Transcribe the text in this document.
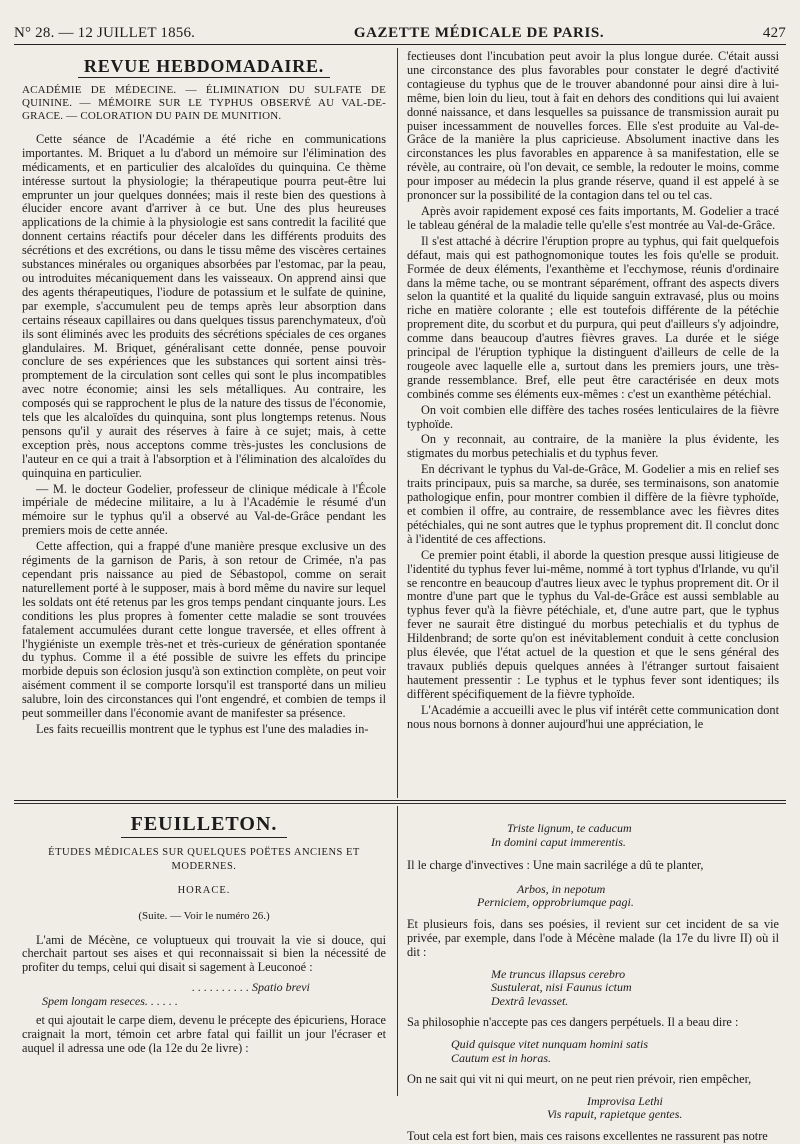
N° 28. — 12 JUILLET 1856.	GAZETTE MÉDICALE DE PARIS.	427
REVUE HEBDOMADAIRE.
ACADÉMIE DE MÉDECINE. — ÉLIMINATION DU SULFATE DE QUININE. — MÉMOIRE SUR LE TYPHUS OBSERVÉ AU VAL-DE-GRACE. — COLORATION DU PAIN DE MUNITION.

Cette séance de l'Académie a été riche en communications importantes. M. Briquet a lu d'abord un mémoire sur l'élimination des médicaments, et en particulier des alcaloïdes du quinquina. Ce thème intéresse surtout la physiologie; la thérapeutique pourra peut-être lui emprunter un jour quelques données; mais il reste bien des questions à élucider encore avant d'arriver à ce but. Une des plus heureuses applications de la chimie à la physiologie est sans contredit la facilité que donnent certains réactifs pour déceler dans les différents produits des sécrétions et des excrétions, ou dans le tissu même des viscères certaines substances minérales ou organiques absorbées par l'estomac, par la peau, ou introduites mécaniquement dans les vaisseaux. On apprend ainsi que des agents thérapeutiques, l'iodure de potassium et le sulfate de quinine, par exemple, s'accumulent peu de temps après leur absorption dans certains réseaux capillaires ou dans quelques tissus parenchymateux, d'où ils sont éliminés avec les produits des sécrétions spéciales de ces organes glandulaires. M. Briquet, généralisant cette donnée, pense pouvoir conclure de ses expériences que les substances qui sortent ainsi très-promptement de la circulation sont celles qui sont le plus incompatibles avec notre économie; ainsi les sels métalliques. Au contraire, les composés qui se rapprochent le plus de la nature des tissus de l'économie, tels que les alcaloïdes du quinquina, sont plus longtemps retenus. Nous pensons qu'il y aurait des réserves à faire à ce sujet; mais, à cette exception près, nous acceptons comme très-justes les conclusions de l'auteur en ce qui a trait à l'absorption et à l'élimination des alcaloïdes du quinquina en particulier.

— M. le docteur Godelier, professeur de clinique médicale à l'École impériale de médecine militaire, a lu à l'Académie le résumé d'un mémoire sur le typhus qu'il a observé au Val-de-Grâce pendant les premiers mois de cette année.

Cette affection, qui a frappé d'une manière presque exclusive un des régiments de la garnison de Paris, à son retour de Crimée, n'a pas cependant pris naissance au pied de Sébastopol, comme on serait naturellement porté à le supposer, mais à bord même du navire sur lequel les soldats ont été retenus par les gros temps pendant cinquante jours. Les conditions les plus propres à fomenter cette maladie se sont trouvées fatalement accumulées durant cette longue traversée, et elles offrent à l'hygiéniste un exemple très-net et très-curieux de génération spontanée du typhus. Comme il a été possible de suivre les effets du principe morbide depuis son éclosion jusqu'à son extinction complète, on peut voir aisément comment il se comporte lorsqu'il est transporté dans un milieu salubre, loin des circonstances qui l'ont engendré, et combien de temps il peut sommeiller dans l'économie avant de manifester sa présence.

Les faits recueillis montrent que le typhus est l'une des maladies in-

fectieuses dont l'incubation peut avoir la plus longue durée. C'était aussi une circonstance des plus favorables pour constater le degré d'activité contagieuse du typhus que de le trouver abandonné pour ainsi dire à lui-même, bien loin du lieu, tout à fait en dehors des conditions qui lui avaient donné naissance, et dans lesquelles sa puissance de transmission aurait pu puiser incessamment de nouvelles forces. Elle s'est produite au Val-de-Grâce de la manière la plus capricieuse. Absolument inactive dans les circonstances les plus favorables en apparence à sa manifestation, elle se révèle, au contraire, où l'on devait, ce semble, la redouter le moins, comme pour imposer au médecin la plus grande réserve, quand il est appelé à se prononcer sur la possibilité de la contagion dans tel ou tel cas.

Après avoir rapidement exposé ces faits importants, M. Godelier a tracé le tableau général de la maladie telle qu'elle s'est montrée au Val-de-Grâce.

Il s'est attaché à décrire l'éruption propre au typhus, qui fait quelquefois défaut, mais qui est pathognomonique toutes les fois qu'elle se produit. Formée de deux éléments, l'exanthème et l'ecchymose, réunis d'ordinaire dans la même tache, ou se montrant séparément, offrant des aspects divers selon la quantité et la qualité du liquide sanguin extravasé, plus ou moins riche en matière colorante ; elle est toutefois différente de la pétéchie proprement dite, du scorbut et du purpura, qui peut d'ailleurs s'y adjoindre, comme dans beaucoup d'autres fièvres graves. La durée et le siége principal de l'éruption typhique la distinguent d'ailleurs de celle de la rougeole avec laquelle elle a, surtout dans les premiers jours, une très-grande ressemblance. Bref, elle peut être caractérisée en deux mots combinés comme ses éléments eux-mêmes : c'est un exanthème pétéchial.

On voit combien elle diffère des taches rosées lenticulaires de la fièvre typhoïde.

On y reconnait, au contraire, de la manière la plus évidente, les stigmates du morbus petechialis et du typhus fever.

En décrivant le typhus du Val-de-Grâce, M. Godelier a mis en relief ses traits principaux, puis sa marche, sa durée, ses terminaisons, son anatomie pathologique enfin, pour montrer combien il diffère de la fièvre typhoïde, et combien il offre, au contraire, de ressemblance avec les fièvres dites pétéchiales, qui ne sont autres que le typhus proprement dit. Il conclut donc à l'identité de ces affections.

Ce premier point établi, il aborde la question presque aussi litigieuse de l'identité du typhus fever lui-même, nommé à tort typhus d'Irlande, vu qu'il se rencontre en beaucoup d'autres lieux avec le typhus proprement dit. Or il montre d'une part que le typhus du Val-de-Grâce est aussi semblable au typhus fever qu'à la fièvre pétéchiale, et, d'une autre part, que le typhus fever ne saurait être distingué du morbus petechialis et du typhus de Hildenbrand; de sorte qu'on est inévitablement conduit à cette conclusion plus élevée, que l'état actuel de la question et que le sens général des travaux publiés depuis quelques années à l'étranger surtout faisaient hautement pressentir : Le typhus et le typhus fever sont identiques; ils diffèrent spécifiquement de la fièvre typhoïde.

L'Académie a accueilli avec le plus vif intérêt cette communication dont nous nous bornons à donner aujourd'hui une appréciation, le

FEUILLETON.
ÉTUDES MÉDICALES SUR QUELQUES POËTES ANCIENS ET MODERNES.
HORACE.
(Suite. — Voir le numéro 26.)

L'ami de Mécène, ce voluptueux qui trouvait la vie si douce, qui cherchait partout ses aises et qui reconnaissait si bien la nécessité de profiter du temps, celui qui disait si sagement à Leuconoé :

. . . . . . . . . . Spatio brevi
Spem longam reseces. . . . . .

et qui ajoutait le carpe diem, devenu le précepte des épicuriens, Horace craignait la mort, témoin cet arbre fatal qui faillit un jour l'écraser et auquel il adressa une ode (la 12e du 2e livre) :

Triste lignum, te caducum
In domini caput immerentis.

Il le charge d'invectives : Une main sacrilége a dû te planter,

Arbos, in nepotum
Perniciem, opprobriumque pagi.

Et plusieurs fois, dans ses poésies, il revient sur cet incident de sa vie privée, par exemple, dans l'ode à Mécène malade (la 17e du livre II) où il dit :

Me truncus illapsus cerebro
Sustulerat, nisi Faunus ictum
Dextrâ levasset.

Sa philosophie n'accepte pas ces dangers perpétuels. Il a beau dire :

Quid quisque vitet nunquam homini satis
Cautum est in horas.

On ne sait qui vit ni qui meurt, on ne peut rien prévoir, rien empêcher,

Improvisa Lethi
Vis rapuit, rapietque gentes.

Tout cela est fort bien, mais ces raisons excellentes ne rassurent pas notre
